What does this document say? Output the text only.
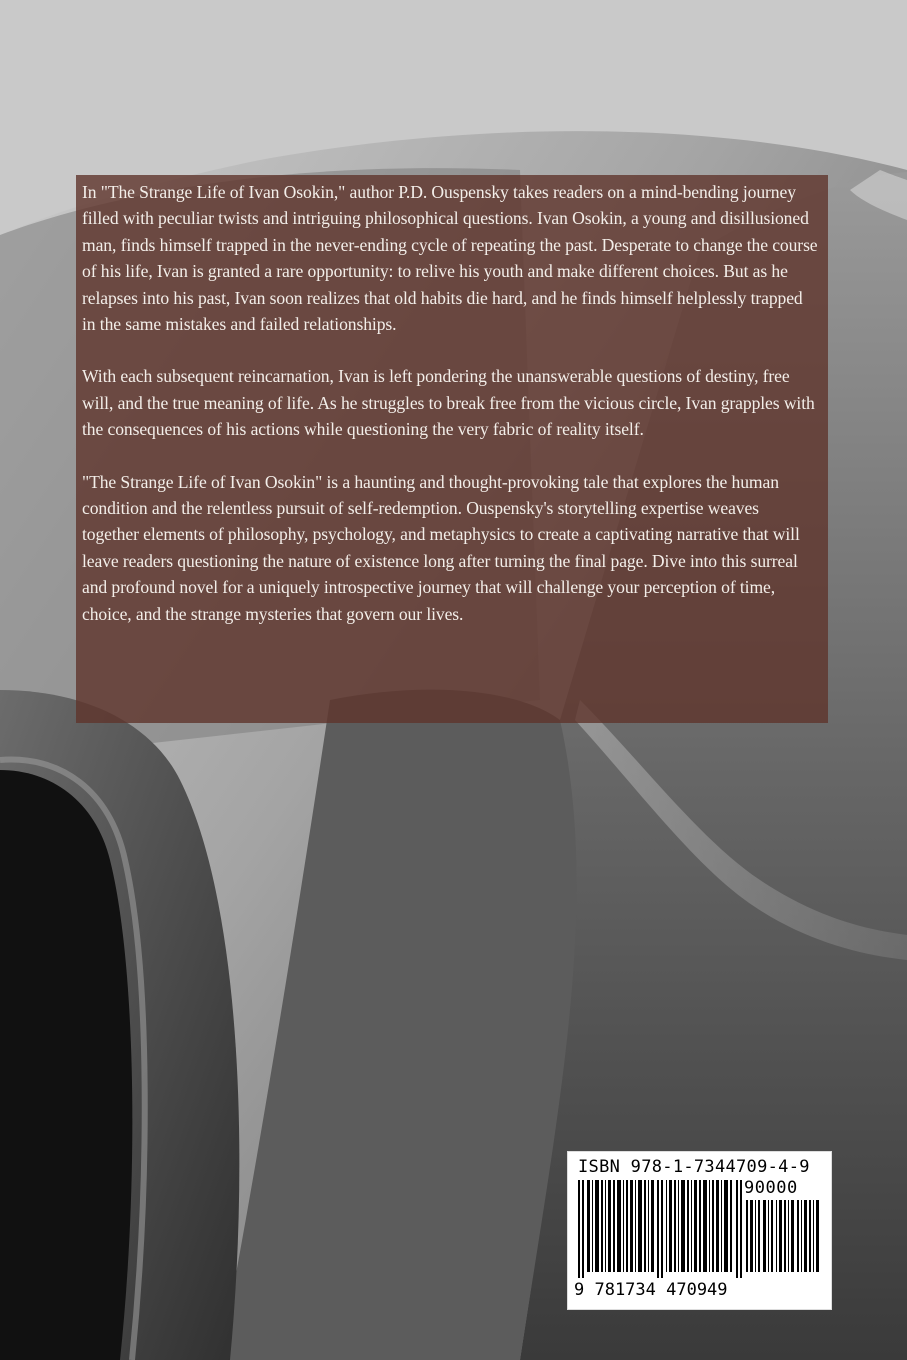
In "The Strange Life of Ivan Osokin," author P.D. Ouspensky takes readers on a mind-bending journey filled with peculiar twists and intriguing philosophical questions. Ivan Osokin, a young and disillusioned man, finds himself trapped in the never-ending cycle of repeating the past. Desperate to change the course of his life, Ivan is granted a rare opportunity: to relive his youth and make different choices. But as he relapses into his past, Ivan soon realizes that old habits die hard, and he finds himself helplessly trapped in the same mistakes and failed relationships.

With each subsequent reincarnation, Ivan is left pondering the unanswerable questions of destiny, free will, and the true meaning of life. As he struggles to break free from the vicious circle, Ivan grapples with the consequences of his actions while questioning the very fabric of reality itself.

"The Strange Life of Ivan Osokin" is a haunting and thought-provoking tale that explores the human condition and the relentless pursuit of self-redemption. Ouspensky's storytelling expertise weaves together elements of philosophy, psychology, and metaphysics to create a captivating narrative that will leave readers questioning the nature of existence long after turning the final page. Dive into this surreal and profound novel for a uniquely introspective journey that will challenge your perception of time, choice, and the strange mysteries that govern our lives.

ISBN 978-1-7344709-4-9
90000
9 781734 470949
